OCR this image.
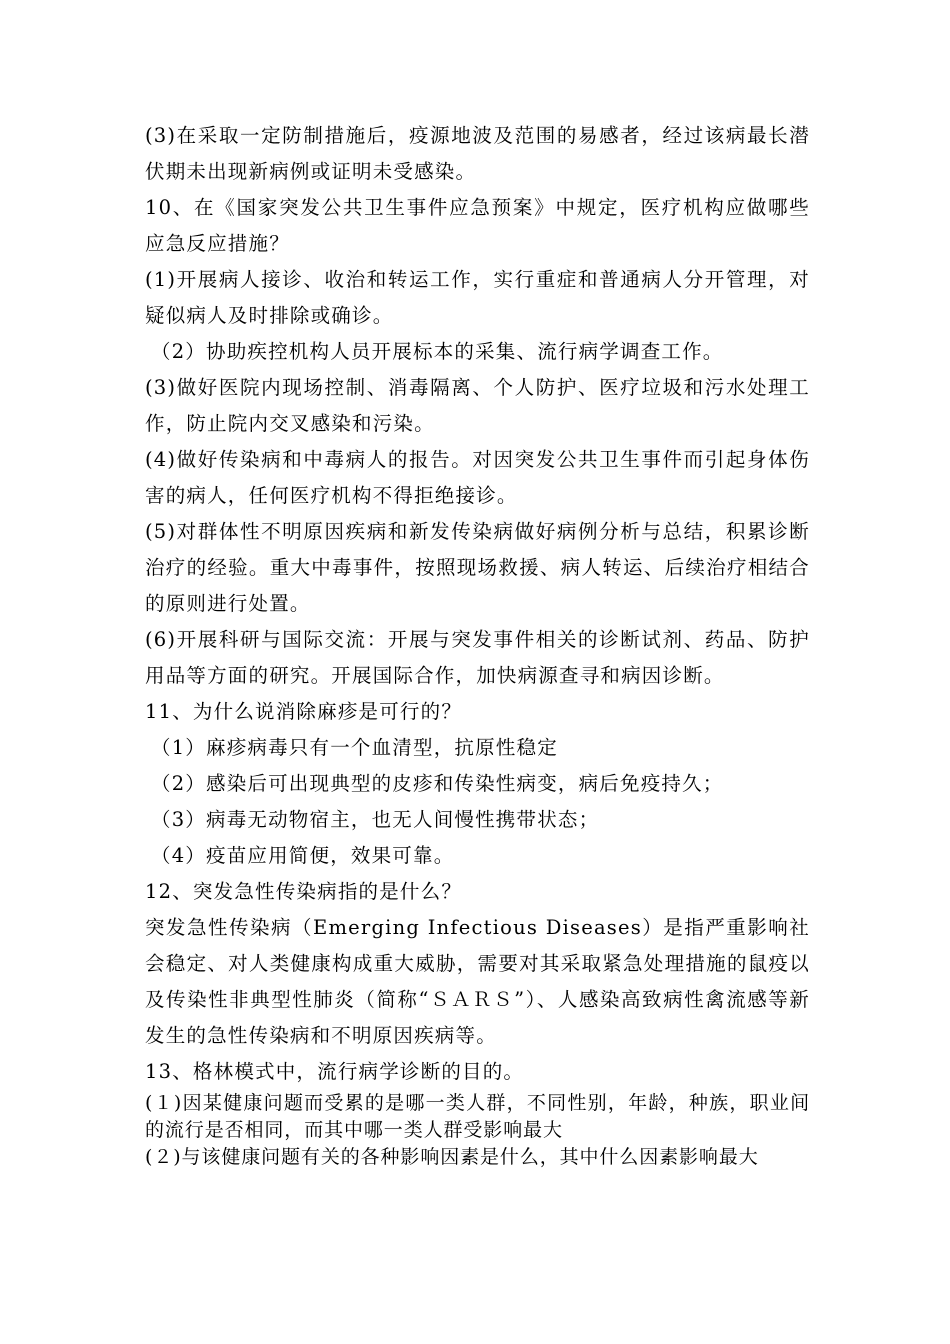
(3)在采取一定防制措施后，疫源地波及范围的易感者，经过该病最长潜伏期未出现新病例或证明未受感染。

10、在《国家突发公共卫生事件应急预案》中规定，医疗机构应做哪些应急反应措施？

(1)开展病人接诊、收治和转运工作，实行重症和普通病人分开管理，对疑似病人及时排除或确诊。

（2）协助疾控机构人员开展标本的采集、流行病学调查工作。

(3)做好医院内现场控制、消毒隔离、个人防护、医疗垃圾和污水处理工作，防止院内交叉感染和污染。

(4)做好传染病和中毒病人的报告。对因突发公共卫生事件而引起身体伤害的病人，任何医疗机构不得拒绝接诊。

(5)对群体性不明原因疾病和新发传染病做好病例分析与总结，积累诊断治疗的经验。重大中毒事件，按照现场救援、病人转运、后续治疗相结合的原则进行处置。

(6)开展科研与国际交流：开展与突发事件相关的诊断试剂、药品、防护用品等方面的研究。开展国际合作，加快病源查寻和病因诊断。

11、为什么说消除麻疹是可行的？

（1）麻疹病毒只有一个血清型，抗原性稳定

（2）感染后可出现典型的皮疹和传染性病变，病后免疫持久；

（3）病毒无动物宿主，也无人间慢性携带状态；

（4）疫苗应用简便，效果可靠。

12、突发急性传染病指的是什么？

突发急性传染病（Emerging Infectious Diseases）是指严重影响社会稳定、对人类健康构成重大威胁，需要对其采取紧急处理措施的鼠疫以及传染性非典型性肺炎（简称“ＳＡＲＳ”）、人感染高致病性禽流感等新发生的急性传染病和不明原因疾病等。

13、格林模式中，流行病学诊断的目的。

(１)因某健康问题而受累的是哪一类人群，不同性别，年龄，种族，职业间的流行是否相同，而其中哪一类人群受影响最大

(２)与该健康问题有关的各种影响因素是什么，其中什么因素影响最大
